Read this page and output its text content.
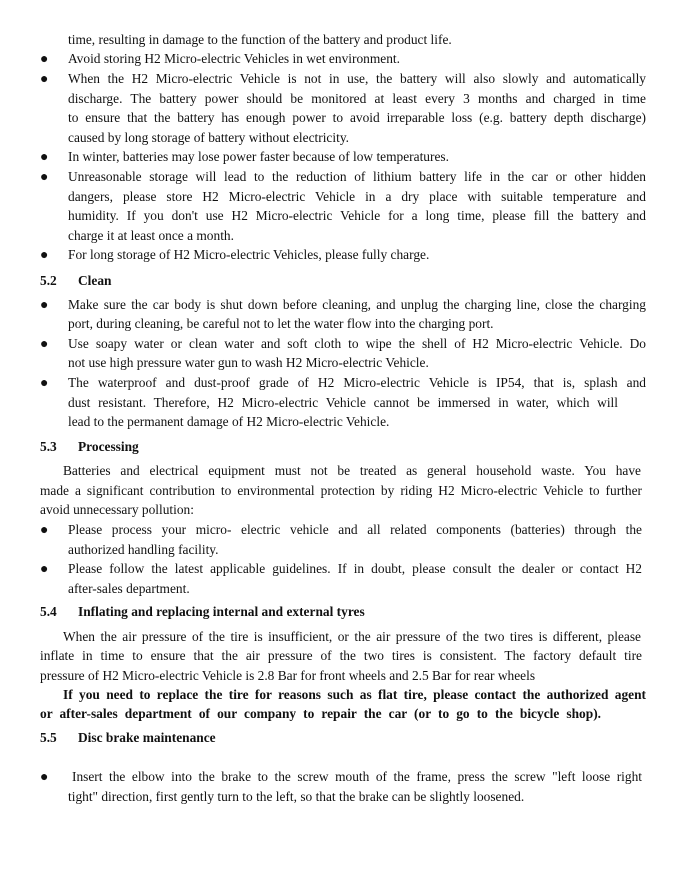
time, resulting in damage to the function of the battery and product life.
● Avoid storing H2 Micro-electric Vehicles in wet environment.
● When the H2 Micro-electric Vehicle is not in use, the battery will also slowly and automatically
discharge. The battery power should be monitored at least every 3 months and charged in time
to ensure that the battery has enough power to avoid irreparable loss (e.g. battery depth discharge)
caused by long storage of battery without electricity.
● In winter, batteries may lose power faster because of low temperatures.
● Unreasonable storage will lead to the reduction of lithium battery life in the car or other hidden
dangers, please store H2 Micro-electric Vehicle in a dry place with suitable temperature and
humidity. If you don't use H2 Micro-electric Vehicle for a long time, please fill the battery and
charge it at least once a month.
● For long storage of H2 Micro-electric Vehicles, please fully charge.
5.2 Clean
● Make sure the car body is shut down before cleaning, and unplug the charging line, close the charging
port, during cleaning, be careful not to let the water flow into the charging port.
● Use soapy water or clean water and soft cloth to wipe the shell of H2 Micro-electric Vehicle. Do
not use high pressure water gun to wash H2 Micro-electric Vehicle.
● The waterproof and dust-proof grade of H2 Micro-electric Vehicle is IP54, that is, splash and
dust resistant. Therefore, H2 Micro-electric Vehicle cannot be immersed in water, which will
lead to the permanent damage of H2 Micro-electric Vehicle.
5.3 Processing
Batteries and electrical equipment must not be treated as general household waste. You have
made a significant contribution to environmental protection by riding H2 Micro-electric Vehicle to further
avoid unnecessary pollution:
● Please process your micro- electric vehicle and all related components (batteries) through the
authorized handling facility.
● Please follow the latest applicable guidelines. If in doubt, please consult the dealer or contact H2
after-sales department.
5.4 Inflating and replacing internal and external tyres
When the air pressure of the tire is insufficient, or the air pressure of the two tires is different, please
inflate in time to ensure that the air pressure of the two tires is consistent. The factory default tire
pressure of H2 Micro-electric Vehicle is 2.8 Bar for front wheels and 2.5 Bar for rear wheels
If you need to replace the tire for reasons such as flat tire, please contact the authorized agent
or after-sales department of our company to repair the car (or to go to the bicycle shop).
5.5 Disc brake maintenance
● Insert the elbow into the brake to the screw mouth of the frame, press the screw "left loose right
tight" direction, first gently turn to the left, so that the brake can be slightly loosened.
